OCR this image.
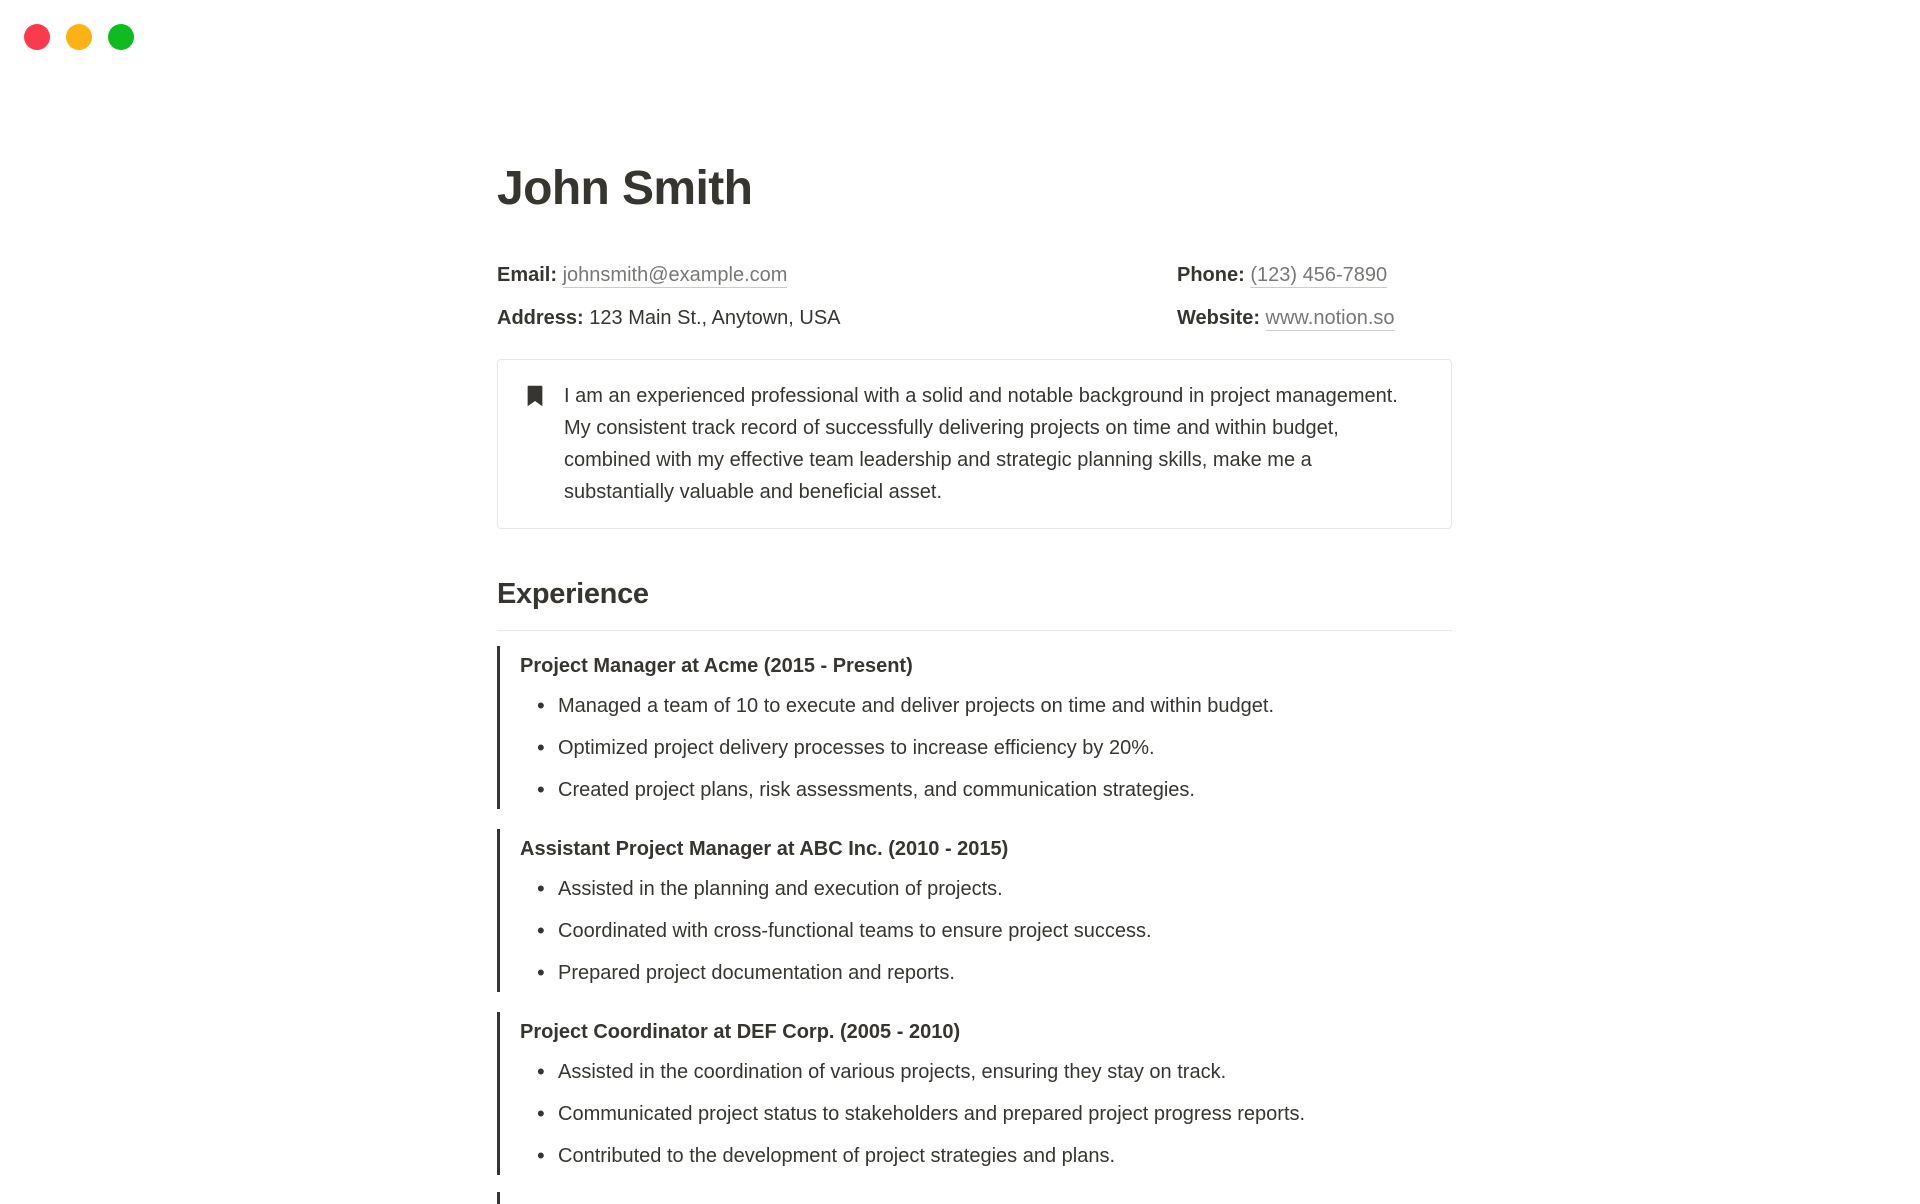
John Smith
Email: johnsmith@example.com	Phone: (123) 456-7890
Address: 123 Main St., Anytown, USA	Website: www.notion.so
I am an experienced professional with a solid and notable background in project management. My consistent track record of successfully delivering projects on time and within budget, combined with my effective team leadership and strategic planning skills, make me a substantially valuable and beneficial asset.
Experience
Project Manager at Acme (2015 - Present)
• Managed a team of 10 to execute and deliver projects on time and within budget.
• Optimized project delivery processes to increase efficiency by 20%.
• Created project plans, risk assessments, and communication strategies.
Assistant Project Manager at ABC Inc. (2010 - 2015)
• Assisted in the planning and execution of projects.
• Coordinated with cross-functional teams to ensure project success.
• Prepared project documentation and reports.
Project Coordinator at DEF Corp. (2005 - 2010)
• Assisted in the coordination of various projects, ensuring they stay on track.
• Communicated project status to stakeholders and prepared project progress reports.
• Contributed to the development of project strategies and plans.
